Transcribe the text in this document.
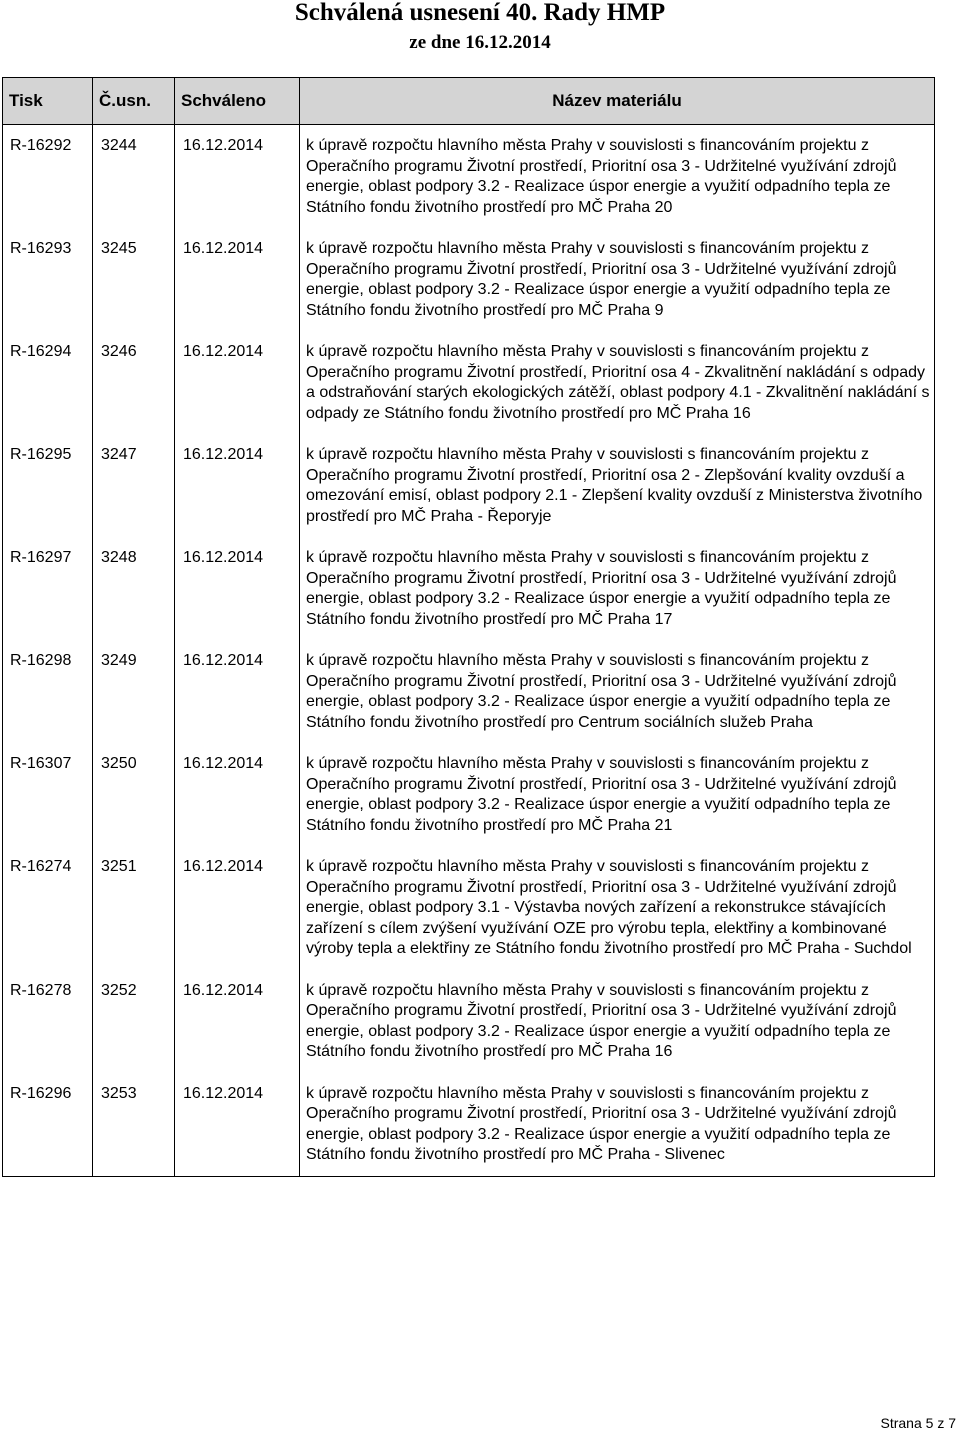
Schválená usnesení 40. Rady HMP
ze dne 16.12.2014
Tisk	Č.usn.	Schváleno	Název materiálu
R-16292	3244	16.12.2014	k úpravě rozpočtu hlavního města Prahy v souvislosti s financováním projektu z Operačního programu Životní prostředí, Prioritní osa 3 - Udržitelné využívání zdrojů energie, oblast podpory 3.2 - Realizace úspor energie a využití odpadního tepla ze Státního fondu životního prostředí pro MČ Praha 20
R-16293	3245	16.12.2014	k úpravě rozpočtu hlavního města Prahy v souvislosti s financováním projektu z Operačního programu Životní prostředí, Prioritní osa 3 - Udržitelné využívání zdrojů energie, oblast podpory 3.2 - Realizace úspor energie a využití odpadního tepla ze Státního fondu životního prostředí pro MČ Praha 9
R-16294	3246	16.12.2014	k úpravě rozpočtu hlavního města Prahy v souvislosti s financováním projektu z Operačního programu Životní prostředí, Prioritní osa 4 - Zkvalitnění nakládání s odpady a odstraňování starých ekologických zátěží, oblast podpory 4.1 - Zkvalitnění nakládání s odpady ze Státního fondu životního prostředí pro MČ Praha 16
R-16295	3247	16.12.2014	k úpravě rozpočtu hlavního města Prahy v souvislosti s financováním projektu z Operačního programu Životní prostředí, Prioritní osa 2 - Zlepšování kvality ovzduší a omezování emisí, oblast podpory 2.1 - Zlepšení kvality ovzduší z Ministerstva životního prostředí pro MČ Praha - Řeporyje
R-16297	3248	16.12.2014	k úpravě rozpočtu hlavního města Prahy v souvislosti s financováním projektu z Operačního programu Životní prostředí, Prioritní osa 3 - Udržitelné využívání zdrojů energie, oblast podpory 3.2 - Realizace úspor energie a využití odpadního tepla ze Státního fondu životního prostředí pro MČ Praha 17
R-16298	3249	16.12.2014	k úpravě rozpočtu hlavního města Prahy v souvislosti s financováním projektu z Operačního programu Životní prostředí, Prioritní osa 3 - Udržitelné využívání zdrojů energie, oblast podpory 3.2 - Realizace úspor energie a využití odpadního tepla ze Státního fondu životního prostředí pro Centrum sociálních služeb Praha
R-16307	3250	16.12.2014	k úpravě rozpočtu hlavního města Prahy v souvislosti s financováním projektu z Operačního programu Životní prostředí, Prioritní osa 3 - Udržitelné využívání zdrojů energie, oblast podpory 3.2 - Realizace úspor energie a využití odpadního tepla ze Státního fondu životního prostředí pro MČ Praha 21
R-16274	3251	16.12.2014	k úpravě rozpočtu hlavního města Prahy v souvislosti s financováním projektu z Operačního programu Životní prostředí, Prioritní osa 3 - Udržitelné využívání zdrojů energie, oblast podpory 3.1 - Výstavba nových zařízení a rekonstrukce stávajících zařízení s cílem zvýšení využívání OZE pro výrobu tepla, elektřiny a kombinované výroby tepla a elektřiny ze Státního fondu životního prostředí pro MČ Praha - Suchdol
R-16278	3252	16.12.2014	k úpravě rozpočtu hlavního města Prahy v souvislosti s financováním projektu z Operačního programu Životní prostředí, Prioritní osa 3 - Udržitelné využívání zdrojů energie, oblast podpory 3.2 - Realizace úspor energie a využití odpadního tepla ze Státního fondu životního prostředí pro MČ Praha 16
R-16296	3253	16.12.2014	k úpravě rozpočtu hlavního města Prahy v souvislosti s financováním projektu z Operačního programu Životní prostředí, Prioritní osa 3 - Udržitelné využívání zdrojů energie, oblast podpory 3.2 - Realizace úspor energie a využití odpadního tepla ze Státního fondu životního prostředí pro MČ Praha - Slivenec
Strana 5 z 7
